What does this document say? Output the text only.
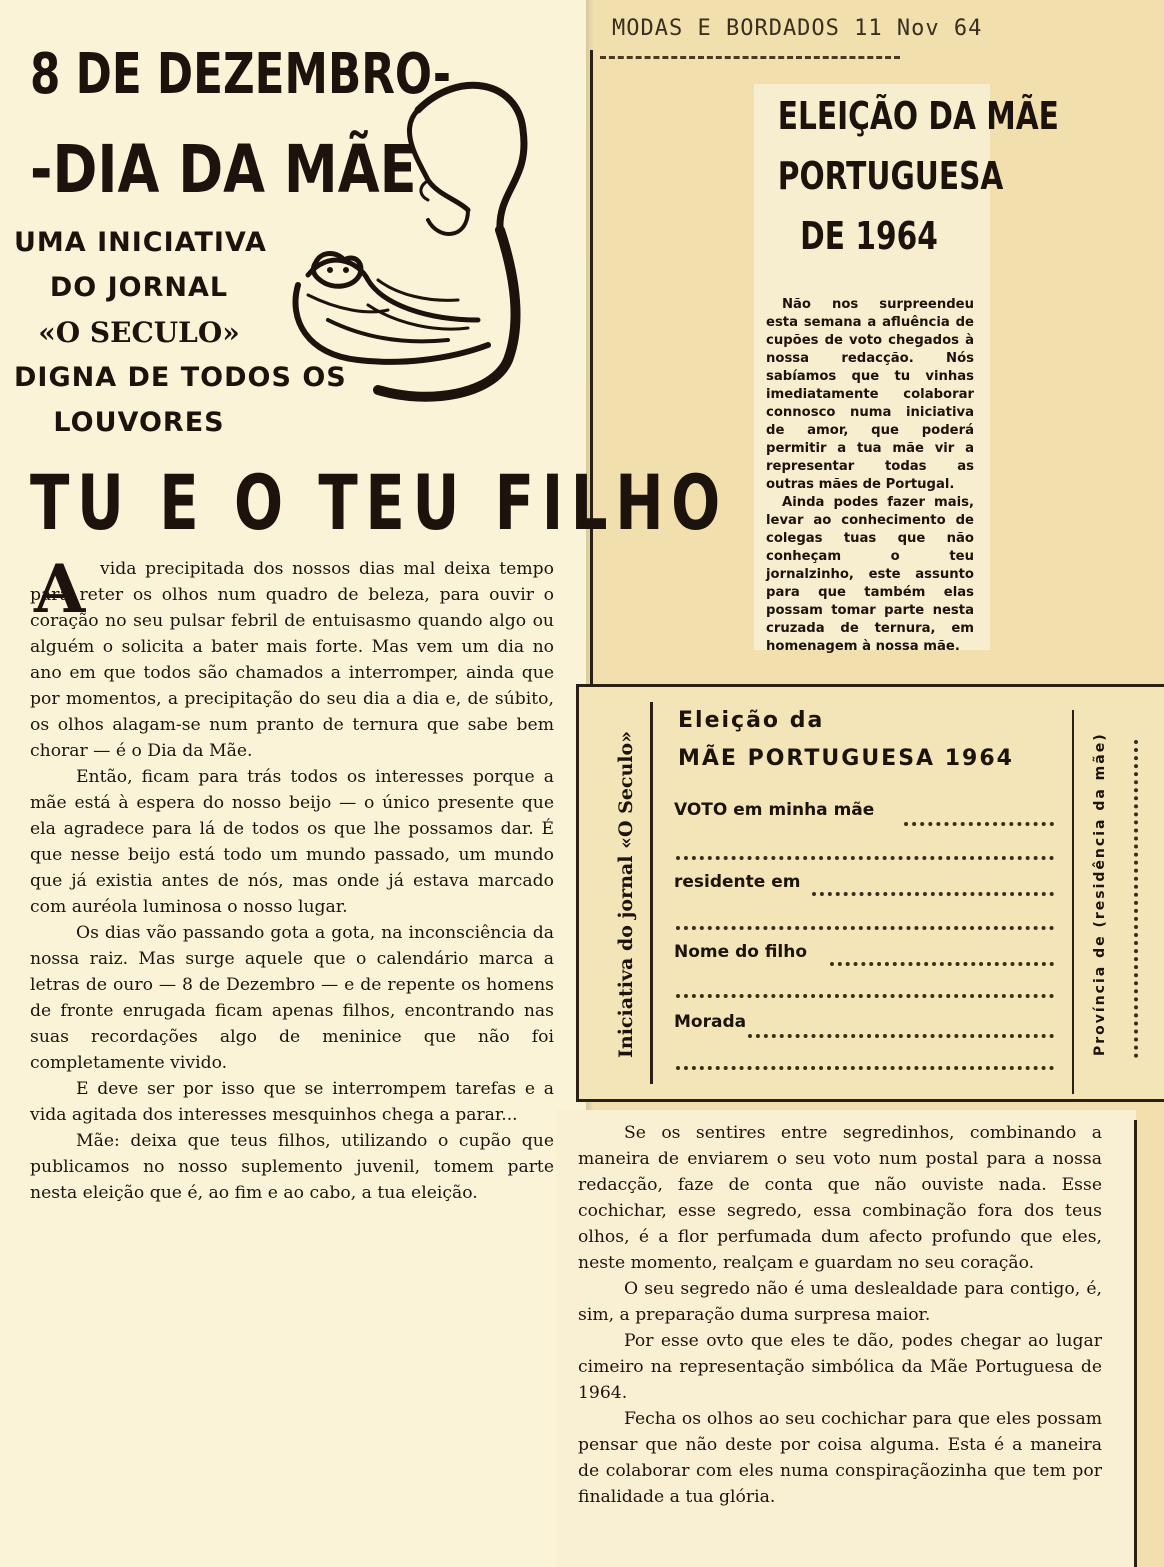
MODAS E BORDADOS 11 Nov 64
8 DE DEZEMBRO-
-DIA DA MÃE
UMA INICIATIVA
DO JORNAL
«O SECULO»
DIGNA DE TODOS OS
LOUVORES
TU E O TEU FILHO
A vida precipitada dos nossos dias mal deixa tempo para reter os olhos num quadro de beleza, para ouvir o coração no seu pulsar febril de entuisasmo quando algo ou alguém o solicita a bater mais forte. Mas vem um dia no ano em que todos são chamados a interromper, ainda que por momentos, a precipitação do seu dia a dia e, de súbito, os olhos alagam-se num pranto de ternura que sabe bem chorar — é o Dia da Mãe.

Então, ficam para trás todos os interesses porque a mãe está à espera do nosso beijo — o único presente que ela agradece para lá de todos os que lhe possamos dar. É que nesse beijo está todo um mundo passado, um mundo que já existia antes de nós, mas onde já estava marcado com auréola luminosa o nosso lugar.

Os dias vão passando gota a gota, na inconsciência da nossa raiz. Mas surge aquele que o calendário marca a letras de ouro — 8 de Dezembro — e de repente os homens de fronte enrugada ficam apenas filhos, encontrando nas suas recordações algo de meninice que não foi completamente vivido.

E deve ser por isso que se interrompem tarefas e a vida agitada dos interesses mesquinhos chega a parar...

Mãe: deixa que teus filhos, utilizando o cupão que publicamos no nosso suplemento juvenil, tomem parte nesta eleição que é, ao fim e ao cabo, a tua eleição.

ELEIÇÃO DA MÃE
PORTUGUESA
DE 1964

Não nos surpreendeu esta semana a afluência de cupões de voto chegados à nossa redacção. Nós sabíamos que tu vinhas imediatamente colaborar connosco numa iniciativa de amor, que poderá permitir a tua mãe vir a representar todas as outras mães de Portugal.

Ainda podes fazer mais, levar ao conhecimento de colegas tuas que não conheçam o teu jornalzinho, este assunto para que também elas possam tomar parte nesta cruzada de ternura, em homenagem à nossa mãe.

Iniciativa do jornal «O Seculo»
Eleição da
MÃE PORTUGUESA 1964
VOTO em minha mãe
residente em
Nome do filho
Morada	Província de (residência da mãe)

Se os sentires entre segredinhos, combinando a maneira de enviarem o seu voto num postal para a nossa redacção, faze de conta que não ouviste nada. Esse cochichar, esse segredo, essa combinação fora dos teus olhos, é a flor perfumada dum afecto profundo que eles, neste momento, realçam e guardam no seu coração.

O seu segredo não é uma deslealdade para contigo, é, sim, a preparação duma surpresa maior.

Por esse ovto que eles te dão, podes chegar ao lugar cimeiro na representação simbólica da Mãe Portuguesa de 1964.

Fecha os olhos ao seu cochichar para que eles possam pensar que não deste por coisa alguma. Esta é a maneira de colaborar com eles numa conspiraçãozinha que tem por finalidade a tua glória.
